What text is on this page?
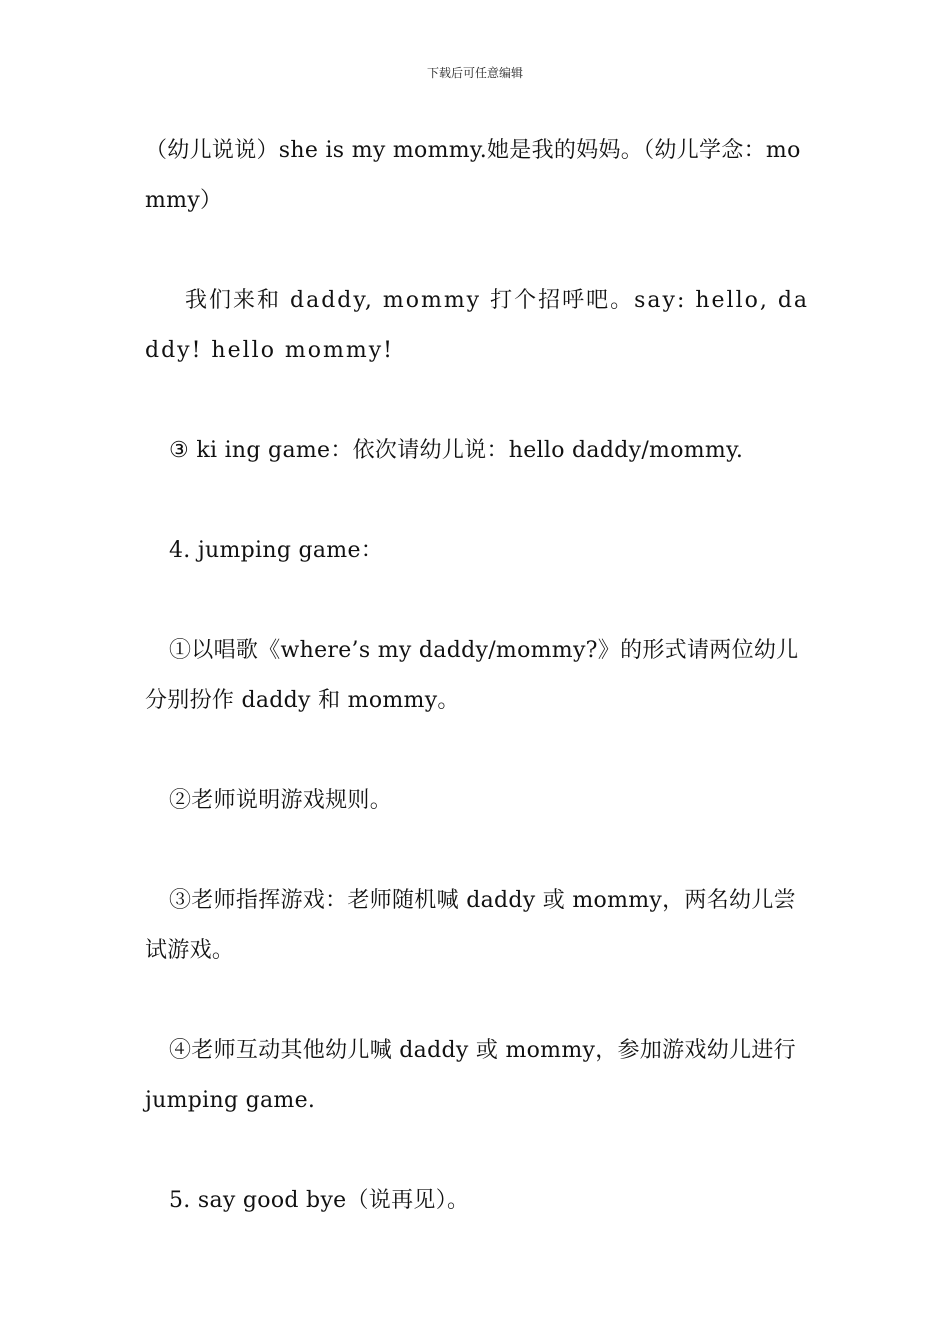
下载后可任意编辑

（幼儿说说）she is my mommy.她是我的妈妈。（幼儿学念：mommy）

我们来和 daddy, mommy 打个招呼吧。say: hello, daddy! hello mommy!

③ ki ing game：依次请幼儿说：hello daddy/mommy.

4. jumping game：

①以唱歌《where’s my daddy/mommy?》的形式请两位幼儿分别扮作 daddy 和 mommy。

②老师说明游戏规则。

③老师指挥游戏：老师随机喊 daddy 或 mommy，两名幼儿尝试游戏。

④老师互动其他幼儿喊 daddy 或 mommy，参加游戏幼儿进行 jumping game.

5. say good bye（说再见）。
